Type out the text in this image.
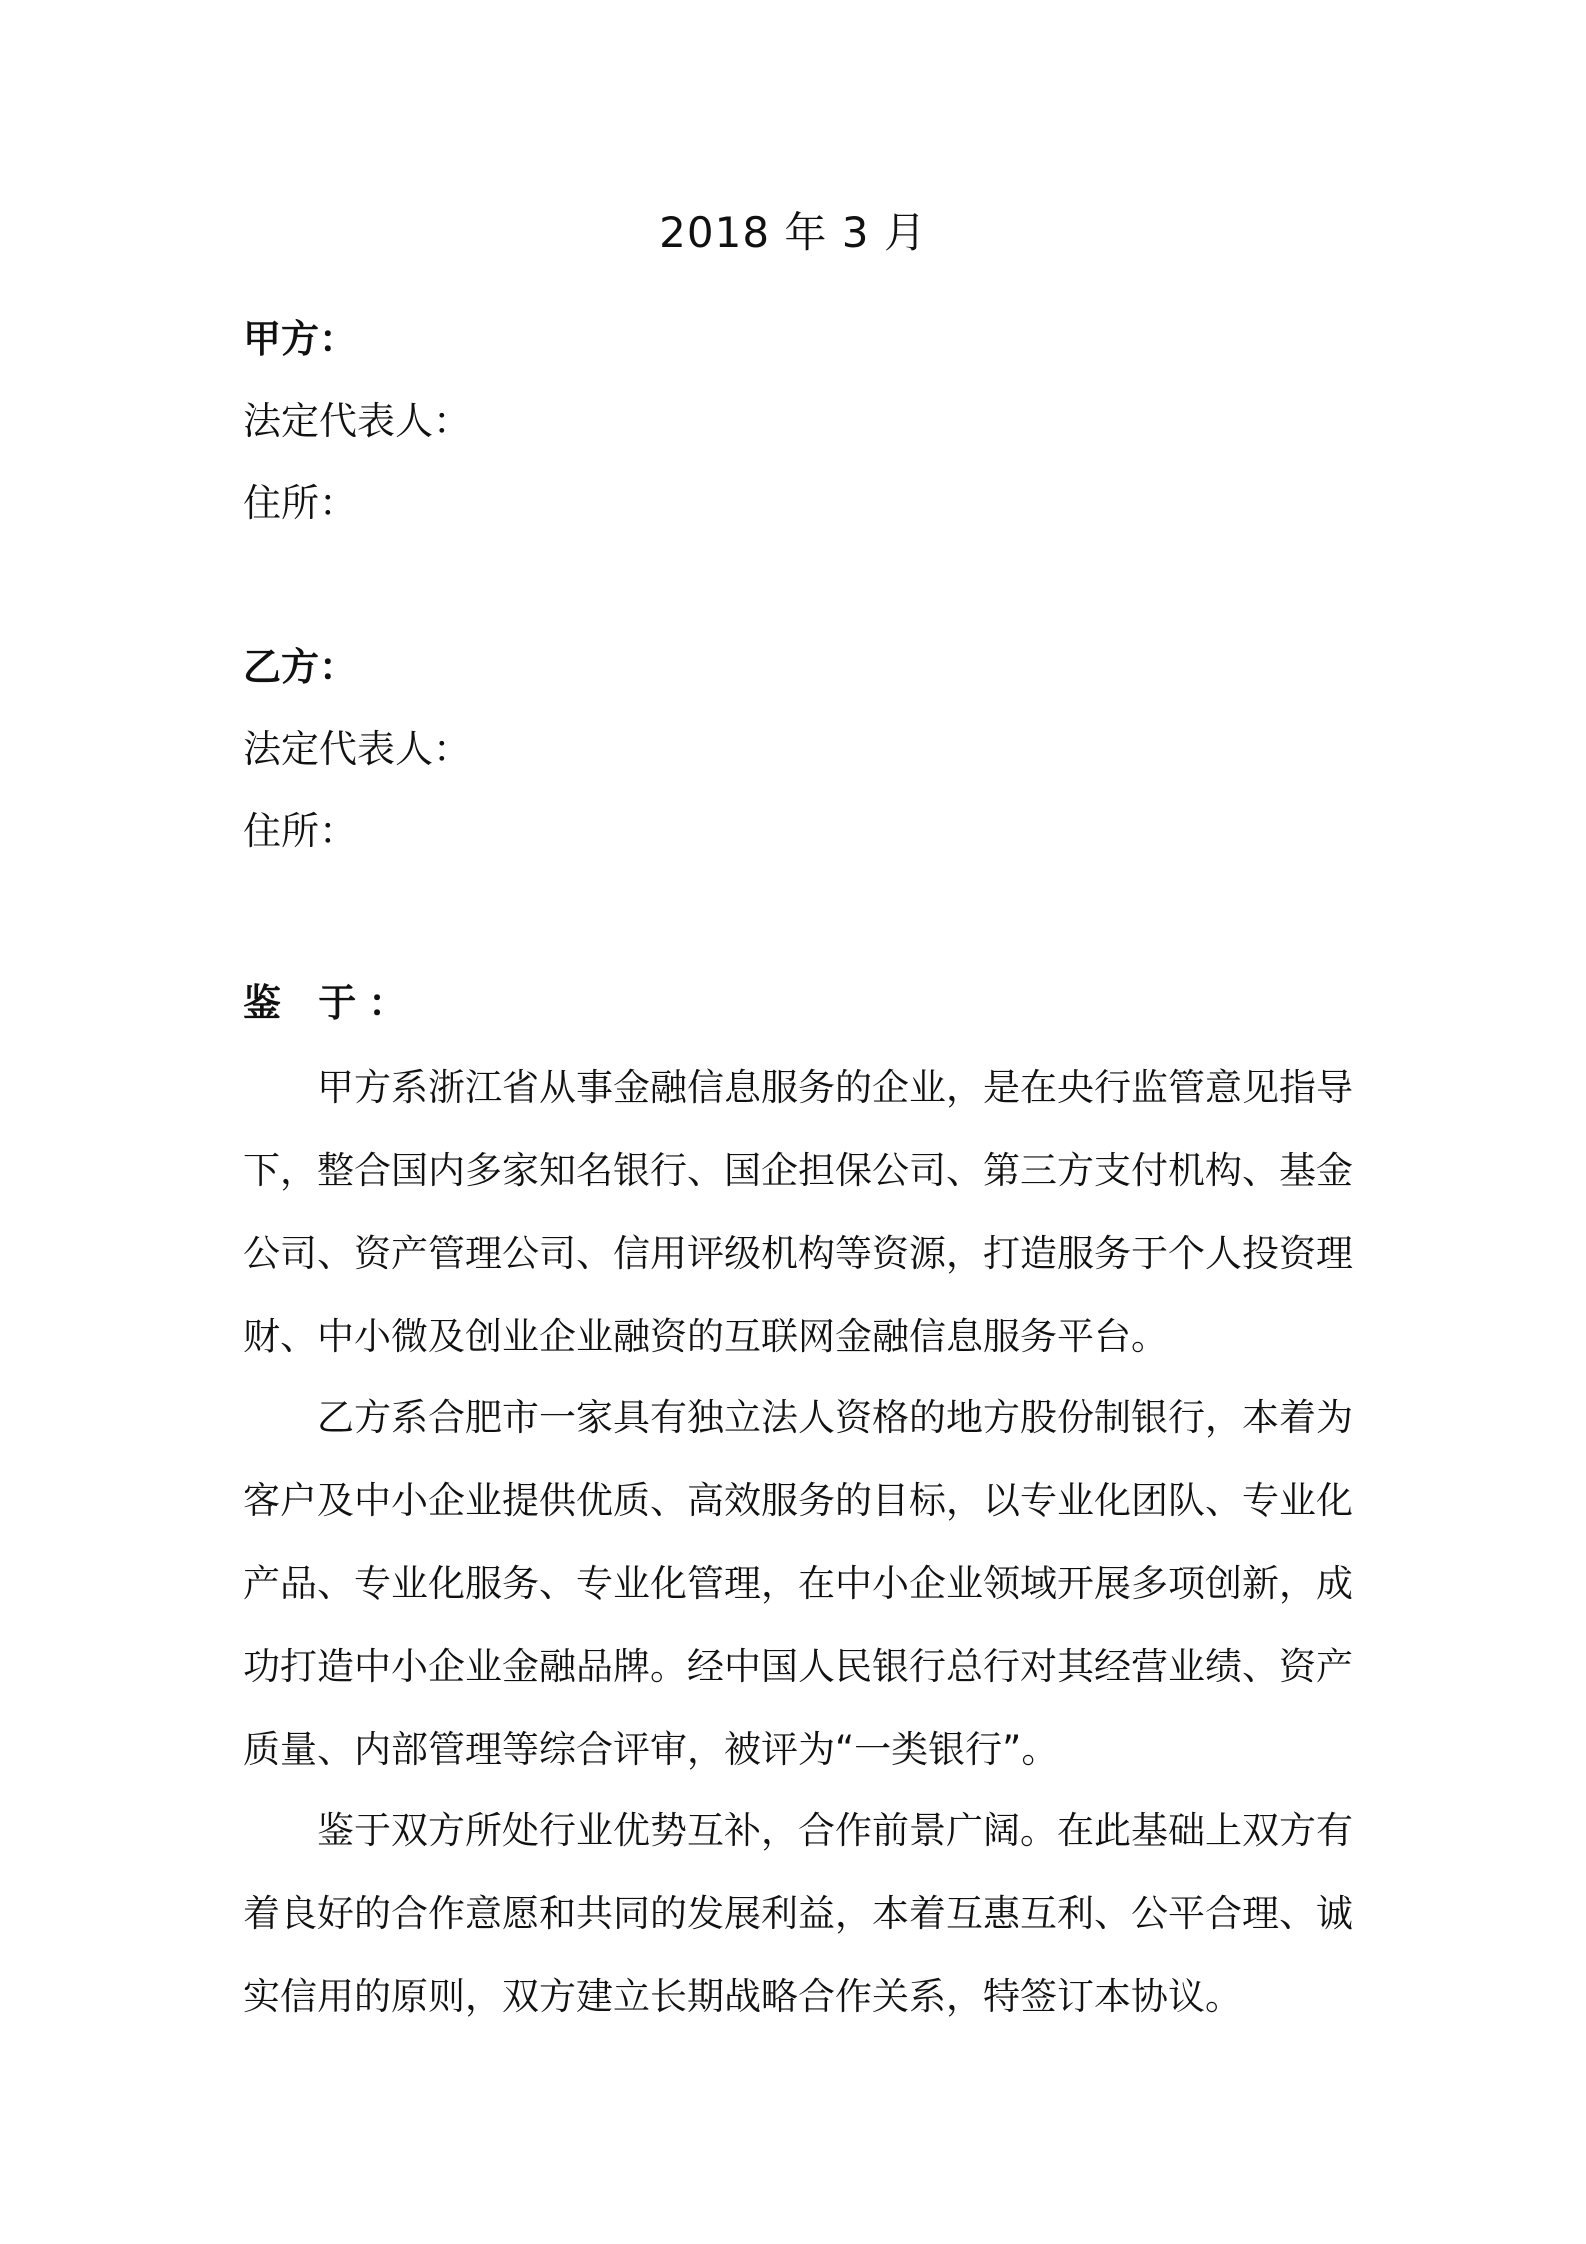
2018 年 3 月
甲方：
法定代表人：
住所：
乙方：
法定代表人：
住所：
鉴 于：

甲方系浙江省从事金融信息服务的企业，是在央行监管意见指导下，整合国内多家知名银行、国企担保公司、第三方支付机构、基金公司、资产管理公司、信用评级机构等资源，打造服务于个人投资理财、中小微及创业企业融资的互联网金融信息服务平台。

乙方系合肥市一家具有独立法人资格的地方股份制银行，本着为客户及中小企业提供优质、高效服务的目标，以专业化团队、专业化产品、专业化服务、专业化管理，在中小企业领域开展多项创新，成功打造中小企业金融品牌。经中国人民银行总行对其经营业绩、资产质量、内部管理等综合评审，被评为“一类银行”。

鉴于双方所处行业优势互补，合作前景广阔。在此基础上双方有着良好的合作意愿和共同的发展利益，本着互惠互利、公平合理、诚实信用的原则，双方建立长期战略合作关系，特签订本协议。
